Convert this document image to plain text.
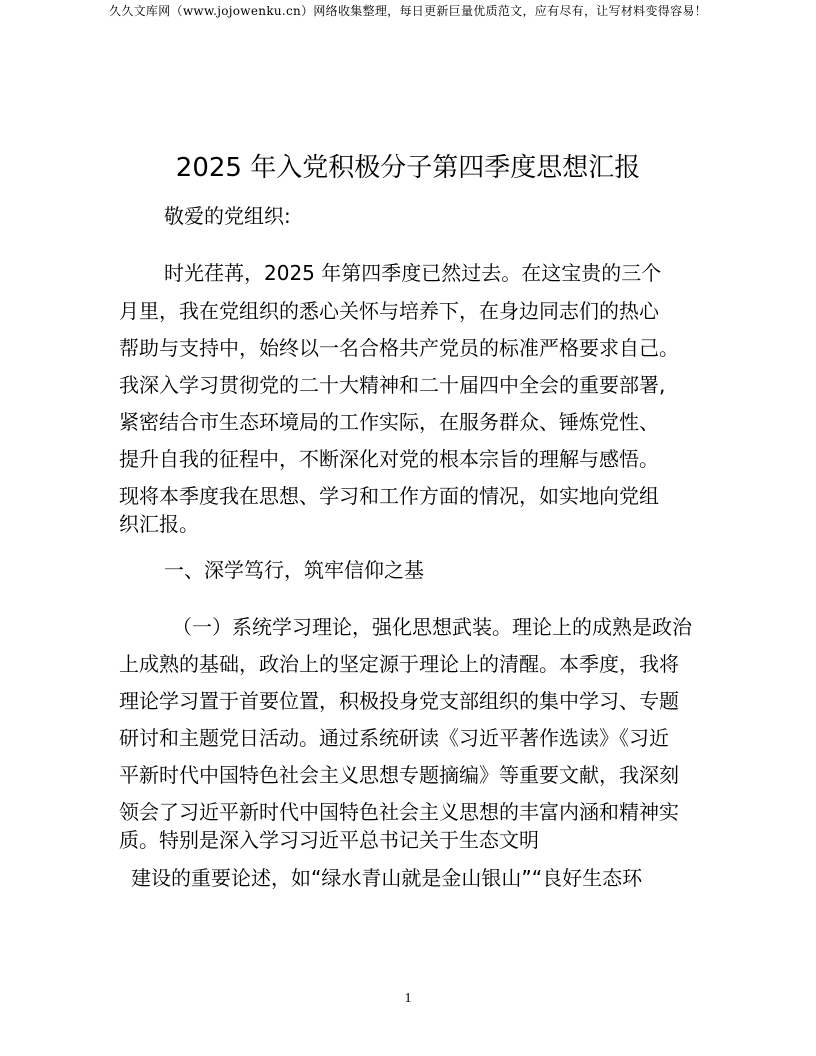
久久文库网（www.jojowenku.cn）网络收集整理，每日更新巨量优质范文，应有尽有，让写材料变得容易！
2025 年入党积极分子第四季度思想汇报
敬爱的党组织:
时光荏苒，2025 年第四季度已然过去。在这宝贵的三个
月里，我在党组织的悉心关怀与培养下，在身边同志们的热心
帮助与支持中，始终以一名合格共产党员的标准严格要求自己。
我深入学习贯彻党的二十大精神和二十届四中全会的重要部署,
紧密结合市生态环境局的工作实际，在服务群众、锤炼党性、
提升自我的征程中，不断深化对党的根本宗旨的理解与感悟。
现将本季度我在思想、学习和工作方面的情况，如实地向党组
织汇报。
一、深学笃行，筑牢信仰之基
（一）系统学习理论，强化思想武装。理论上的成熟是政治
上成熟的基础，政治上的坚定源于理论上的清醒。本季度，我将
理论学习置于首要位置，积极投身党支部组织的集中学习、专题
研讨和主题党日活动。通过系统研读《习近平著作选读》《习近
平新时代中国特色社会主义思想专题摘编》等重要文献，我深刻
领会了习近平新时代中国特色社会主义思想的丰富内涵和精神实
质。特别是深入学习习近平总书记关于生态文明
建设的重要论述，如“绿水青山就是金山银山”“良好生态环
1
